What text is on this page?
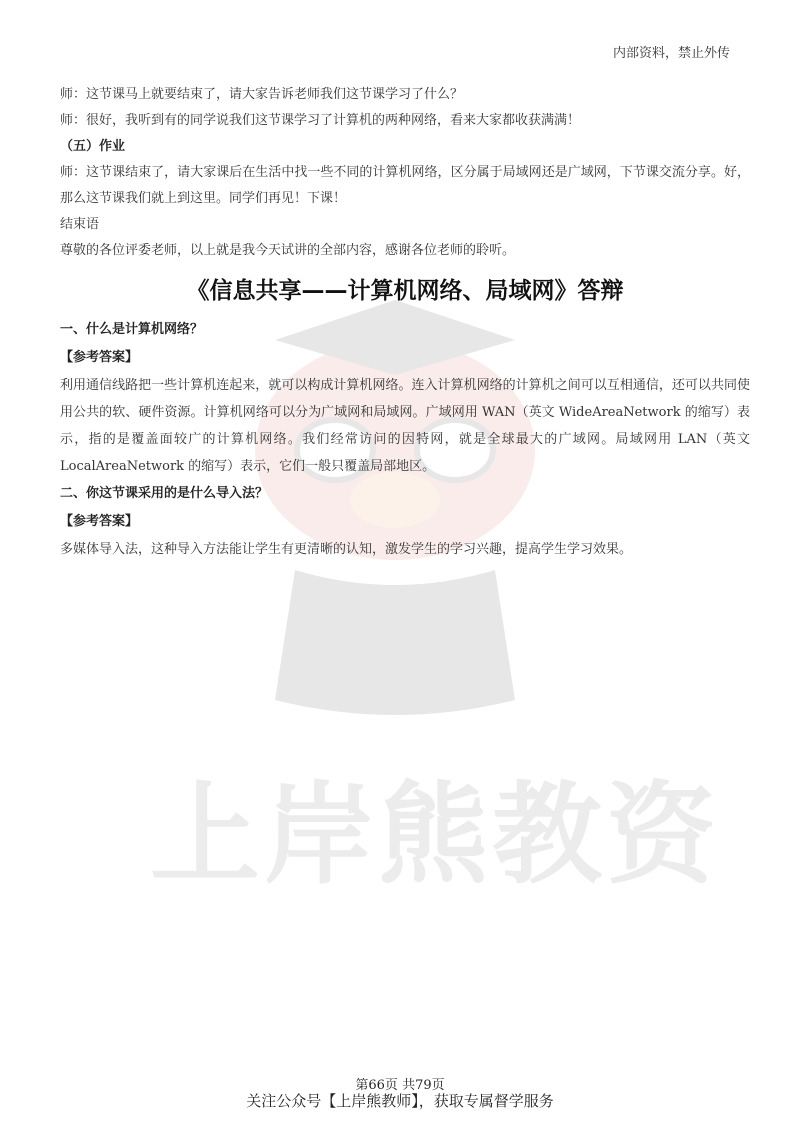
上岸熊教资
内部资料，禁止外传

师：这节课马上就要结束了，请大家告诉老师我们这节课学习了什么？

师：很好，我听到有的同学说我们这节课学习了计算机的两种网络，看来大家都收获满满！

（五）作业

师：这节课结束了，请大家课后在生活中找一些不同的计算机网络，区分属于局域网还是广域网，下节课交流分享。好，那么这节课我们就上到这里。同学们再见！下课！

结束语

尊敬的各位评委老师，以上就是我今天试讲的全部内容，感谢各位老师的聆听。

《信息共享——计算机网络、局域网》答辩

一、什么是计算机网络？

【参考答案】

利用通信线路把一些计算机连起来，就可以构成计算机网络。连入计算机网络的计算机之间可以互相通信，还可以共同使用公共的软、硬件资源。计算机网络可以分为广域网和局域网。广域网用 WAN（英文 WideAreaNetwork 的缩写）表示，指的是覆盖面较广的计算机网络。我们经常访问的因特网，就是全球最大的广域网。局域网用 LAN（英文 LocalAreaNetwork 的缩写）表示，它们一般只覆盖局部地区。

二、你这节课采用的是什么导入法？

【参考答案】

多媒体导入法，这种导入方法能让学生有更清晰的认知，激发学生的学习兴趣，提高学生学习效果。

第66页 共79页
关注公众号【上岸熊教师】，获取专属督学服务
